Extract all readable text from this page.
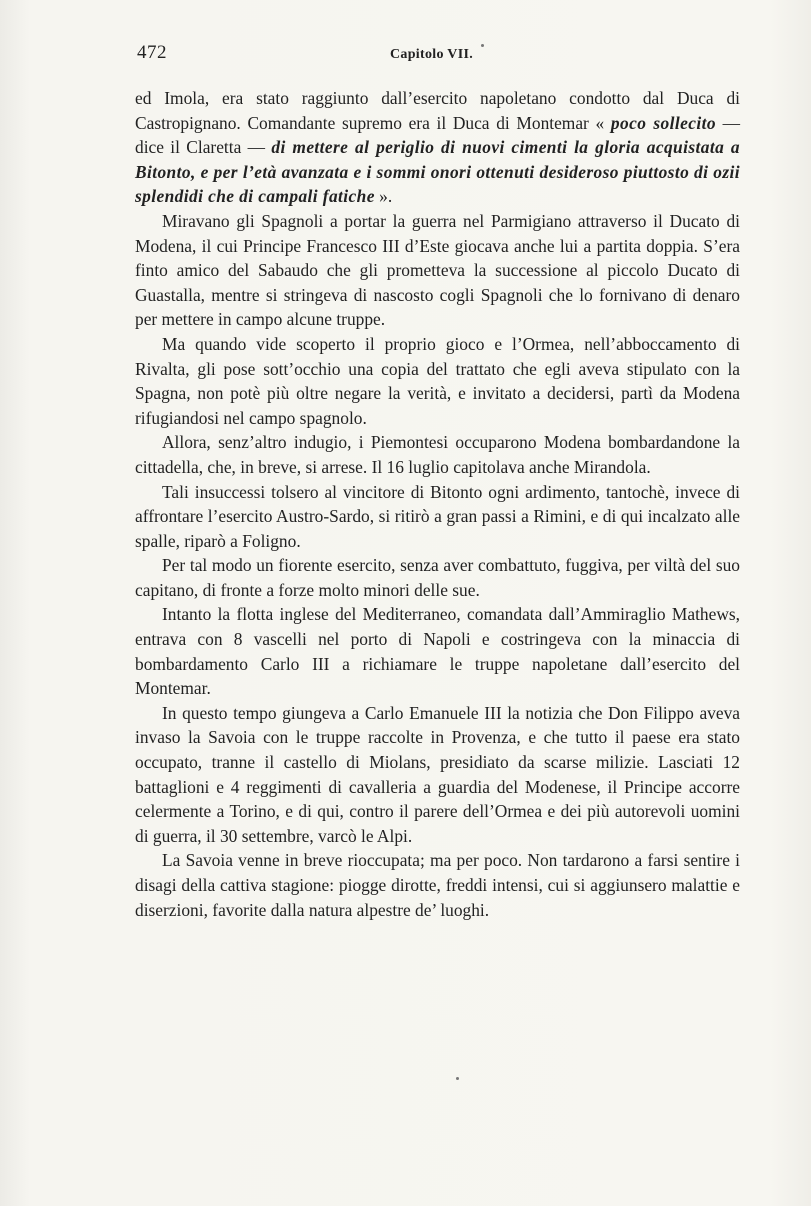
472	Capitolo VII.

ed Imola, era stato raggiunto dall’esercito napoletano condotto dal Duca di Castropignano. Comandante supremo era il Duca di Montemar « poco sollecito — dice il Claretta — di mettere al periglio di nuovi cimenti la gloria acquistata a Bitonto, e per l’età avanzata e i sommi onori ottenuti desideroso piuttosto di ozii splendidi che di campali fatiche ».

Miravano gli Spagnoli a portar la guerra nel Parmigiano attraverso il Ducato di Modena, il cui Principe Francesco III d’Este giocava anche lui a partita doppia. S’era finto amico del Sabaudo che gli prometteva la successione al piccolo Ducato di Guastalla, mentre si stringeva di nascosto cogli Spagnoli che lo fornivano di denaro per mettere in campo alcune truppe.

Ma quando vide scoperto il proprio gioco e l’Ormea, nell’abboccamento di Rivalta, gli pose sott’occhio una copia del trattato che egli aveva stipulato con la Spagna, non potè più oltre negare la verità, e invitato a decidersi, partì da Modena rifugiandosi nel campo spagnolo.

Allora, senz’altro indugio, i Piemontesi occuparono Modena bombardandone la cittadella, che, in breve, si arrese. Il 16 luglio capitolava anche Mirandola.

Tali insuccessi tolsero al vincitore di Bitonto ogni ardimento, tantochè, invece di affrontare l’esercito Austro-Sardo, si ritirò a gran passi a Rimini, e di qui incalzato alle spalle, riparò a Foligno.

Per tal modo un fiorente esercito, senza aver combattuto, fuggiva, per viltà del suo capitano, di fronte a forze molto minori delle sue.

Intanto la flotta inglese del Mediterraneo, comandata dall’Ammiraglio Mathews, entrava con 8 vascelli nel porto di Napoli e costringeva con la minaccia di bombardamento Carlo III a richiamare le truppe napoletane dall’esercito del Montemar.

In questo tempo giungeva a Carlo Emanuele III la notizia che Don Filippo aveva invaso la Savoia con le truppe raccolte in Provenza, e che tutto il paese era stato occupato, tranne il castello di Miolans, presidiato da scarse milizie. Lasciati 12 battaglioni e 4 reggimenti di cavalleria a guardia del Modenese, il Principe accorre celermente a Torino, e di qui, contro il parere dell’Ormea e dei più autorevoli uomini di guerra, il 30 settembre, varcò le Alpi.

La Savoia venne in breve rioccupata; ma per poco. Non tardarono a farsi sentire i disagi della cattiva stagione: piogge dirotte, freddi intensi, cui si aggiunsero malattie e diserzioni, favorite dalla natura alpestre de’ luoghi.
